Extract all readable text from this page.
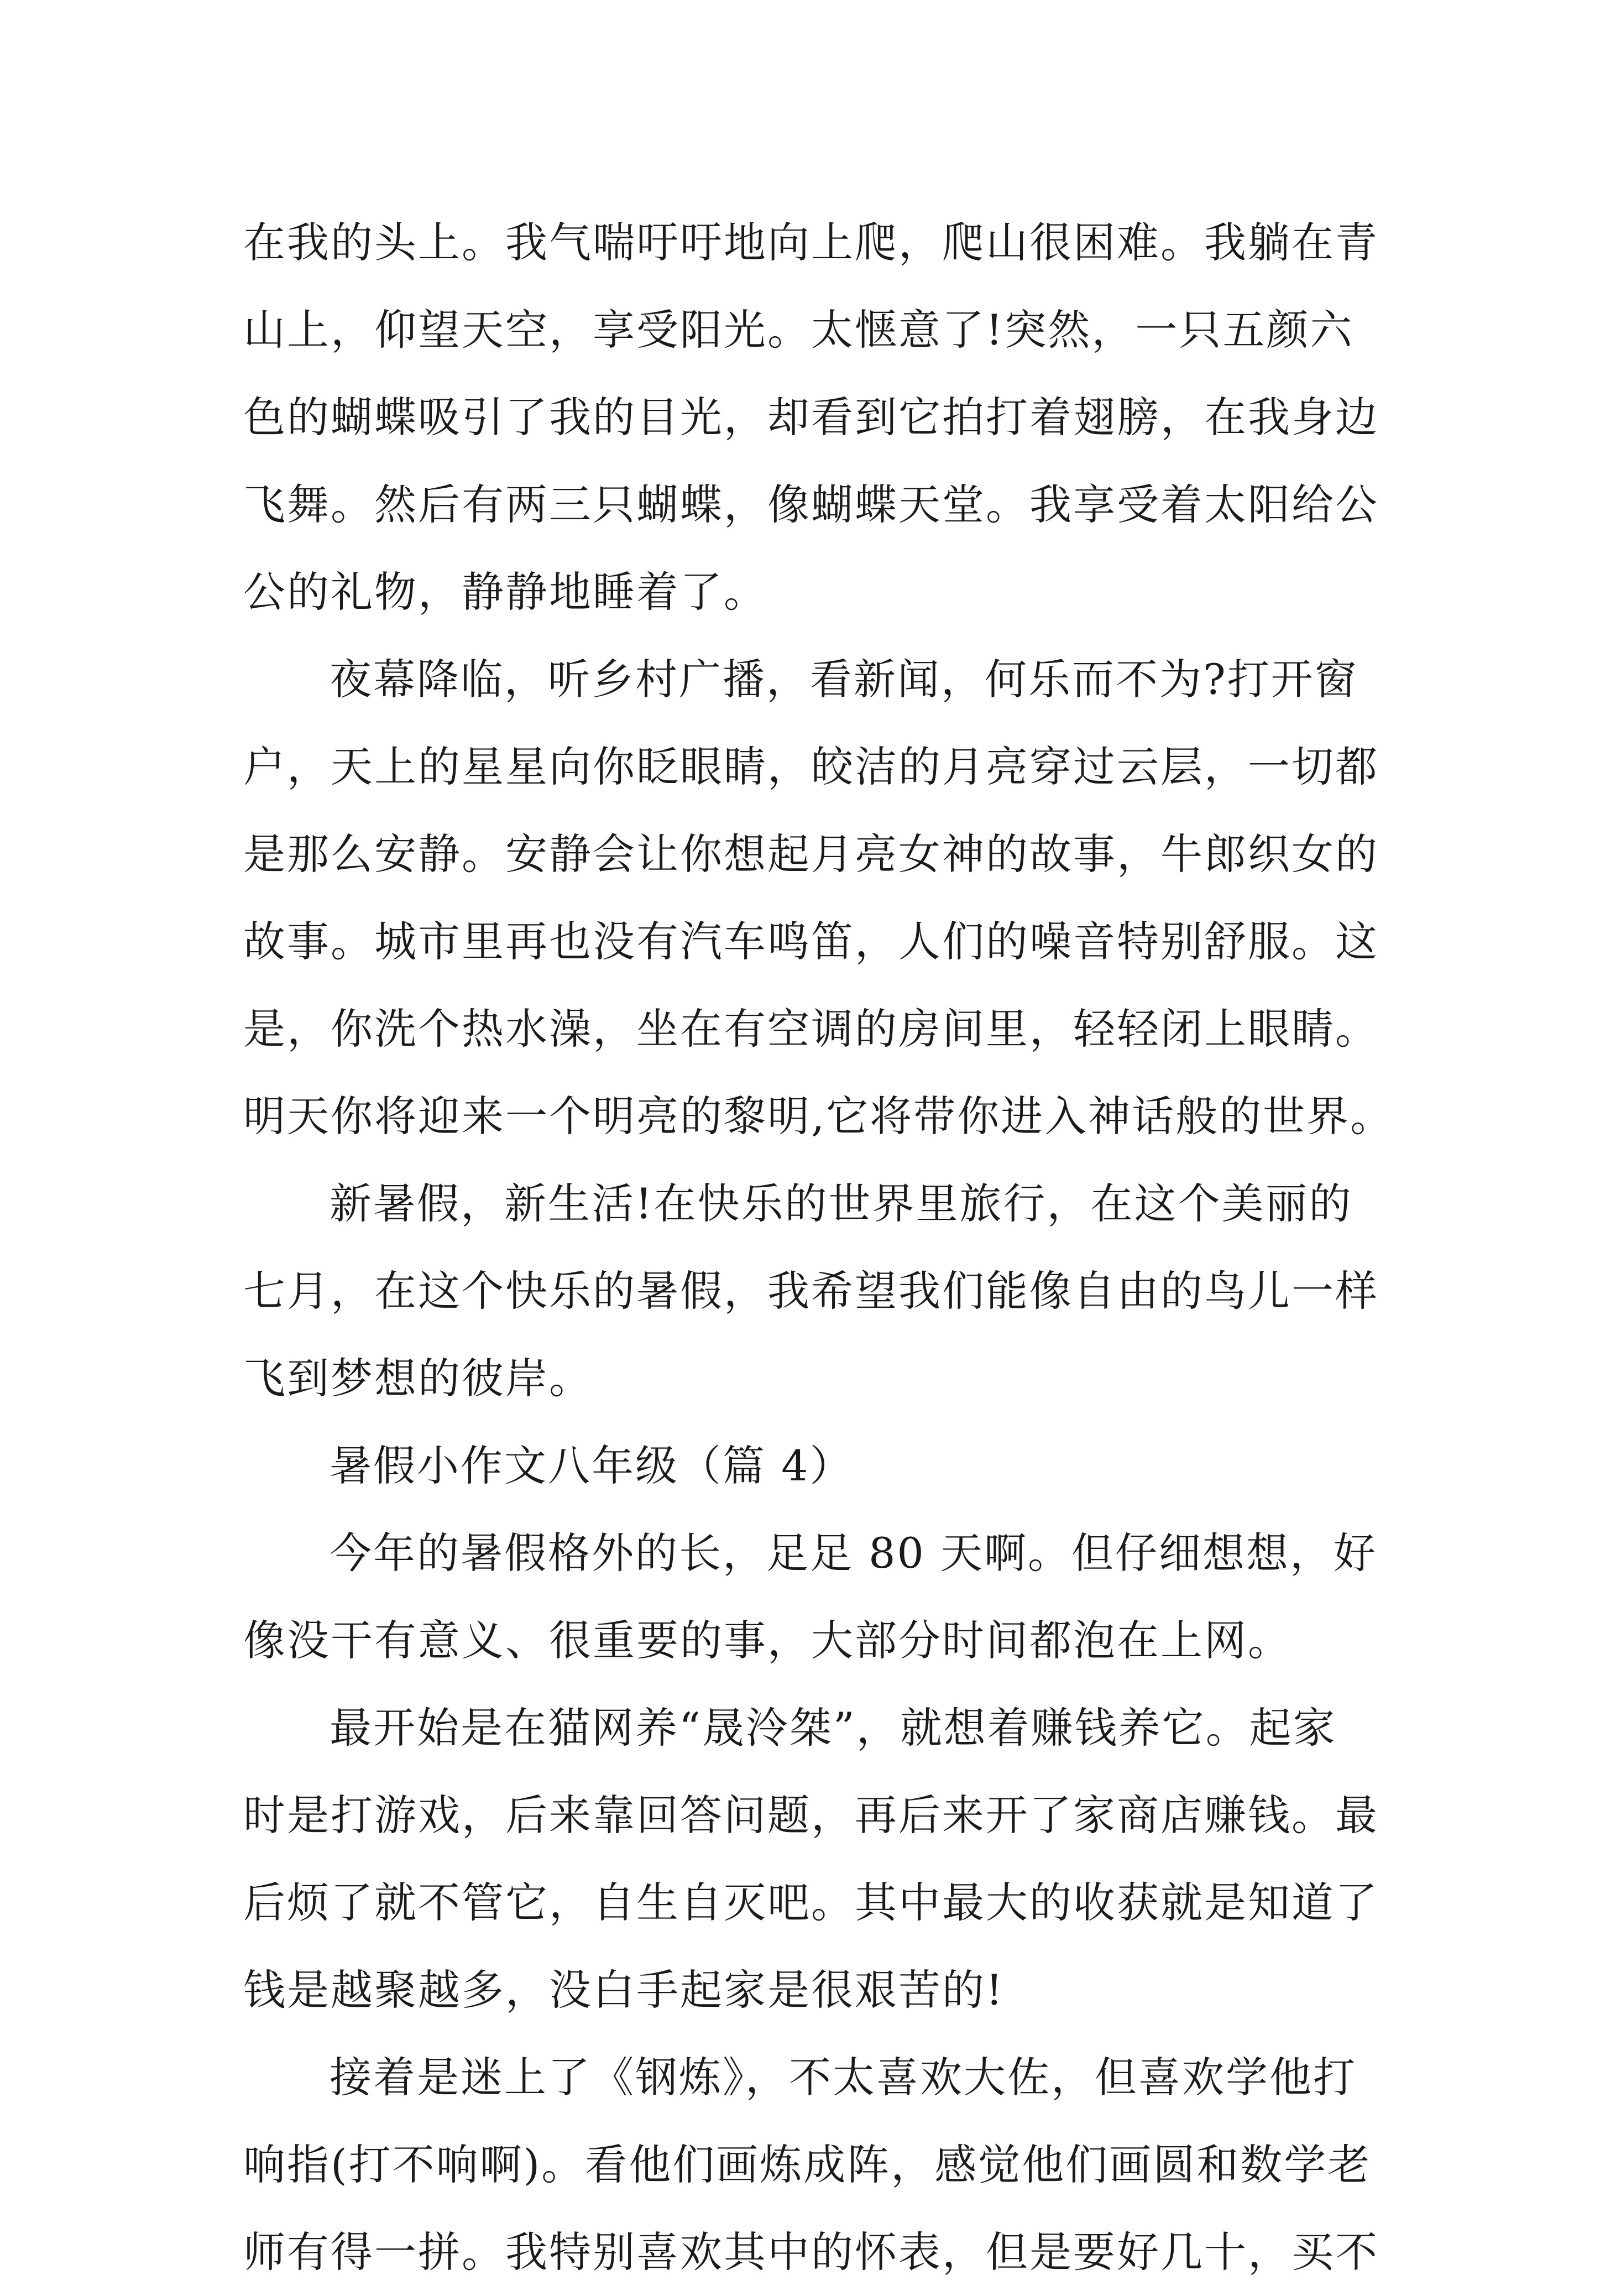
在我的头上。我气喘吁吁地向上爬，爬山很困难。我躺在青
山上，仰望天空，享受阳光。太惬意了!突然，一只五颜六
色的蝴蝶吸引了我的目光，却看到它拍打着翅膀，在我身边
飞舞。然后有两三只蝴蝶，像蝴蝶天堂。我享受着太阳给公
公的礼物，静静地睡着了。
夜幕降临，听乡村广播，看新闻，何乐而不为?打开窗
户，天上的星星向你眨眼睛，皎洁的月亮穿过云层，一切都
是那么安静。安静会让你想起月亮女神的故事，牛郎织女的
故事。城市里再也没有汽车鸣笛，人们的噪音特别舒服。这
是，你洗个热水澡，坐在有空调的房间里，轻轻闭上眼睛。
明天你将迎来一个明亮的黎明,它将带你进入神话般的世界。
新暑假，新生活!在快乐的世界里旅行，在这个美丽的
七月，在这个快乐的暑假，我希望我们能像自由的鸟儿一样
飞到梦想的彼岸。
暑假小作文八年级（篇 4）
今年的暑假格外的长，足足 80 天啊。但仔细想想，好
像没干有意义、很重要的事，大部分时间都泡在上网。
最开始是在猫网养“晟泠桀”，就想着赚钱养它。起家
时是打游戏，后来靠回答问题，再后来开了家商店赚钱。最
后烦了就不管它，自生自灭吧。其中最大的收获就是知道了
钱是越聚越多，没白手起家是很艰苦的!
接着是迷上了《钢炼》，不太喜欢大佐，但喜欢学他打
响指(打不响啊)。看他们画炼成阵，感觉他们画圆和数学老
师有得一拼。我特别喜欢其中的怀表，但是要好几十，买不
